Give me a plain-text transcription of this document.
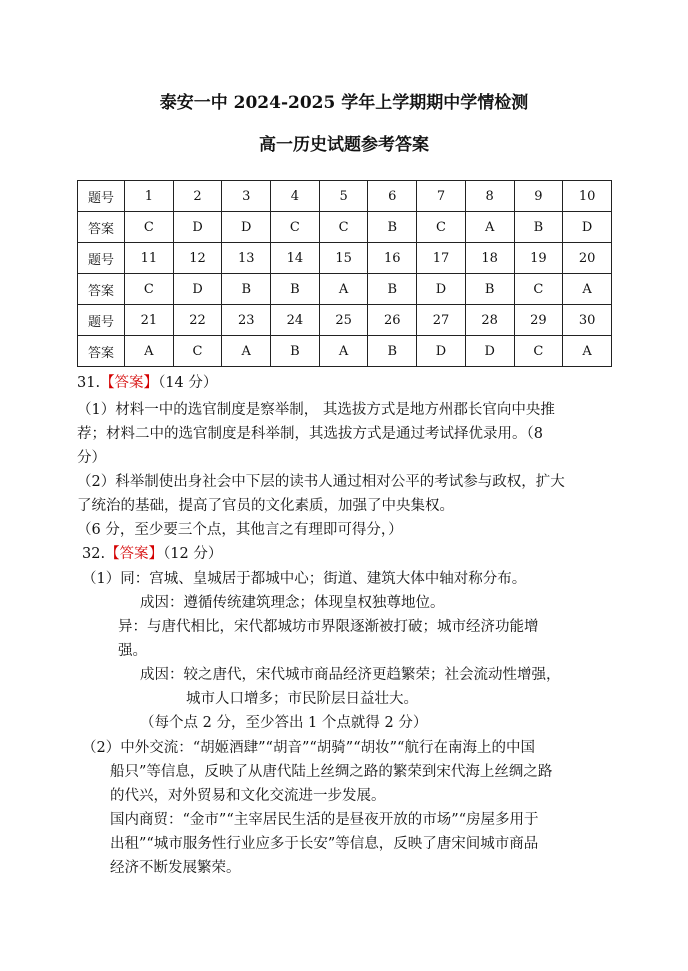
泰安一中 2024-2025 学年上学期期中学情检测
高一历史试题参考答案
题号	1	2	3	4	5	6	7	8	9	10
答案	C	D	D	C	C	B	C	A	B	D
题号	11	12	13	14	15	16	17	18	19	20
答案	C	D	B	B	A	B	D	B	C	A
题号	21	22	23	24	25	26	27	28	29	30
答案	A	C	A	B	A	B	D	D	C	A
31.【答案】（14 分）
（1）材料一中的选官制度是察举制， 其选拔方式是地方州郡长官向中央推
荐；材料二中的选官制度是科举制，其选拔方式是通过考试择优录用。（8
分）
（2）科举制使出身社会中下层的读书人通过相对公平的考试参与政权，扩大
了统治的基础，提高了官员的文化素质，加强了中央集权。
（6 分，至少要三个点，其他言之有理即可得分，）
32.【答案】（12 分）
（1）同：宫城、皇城居于都城中心；街道、建筑大体中轴对称分布。
成因：遵循传统建筑理念；体现皇权独尊地位。
异：与唐代相比，宋代都城坊市界限逐渐被打破；城市经济功能增
强。
成因：较之唐代，宋代城市商品经济更趋繁荣；社会流动性增强，
城市人口增多；市民阶层日益壮大。
（每个点 2 分，至少答出 1 个点就得 2 分）
（2）中外交流：“胡姬酒肆”“胡音”“胡骑”“胡妆”“航行在南海上的中国
船只”等信息，反映了从唐代陆上丝绸之路的繁荣到宋代海上丝绸之路
的代兴，对外贸易和文化交流进一步发展。
国内商贸：“金市”“主宰居民生活的是昼夜开放的市场”“房屋多用于
出租”“城市服务性行业应多于长安”等信息，反映了唐宋间城市商品
经济不断发展繁荣。
